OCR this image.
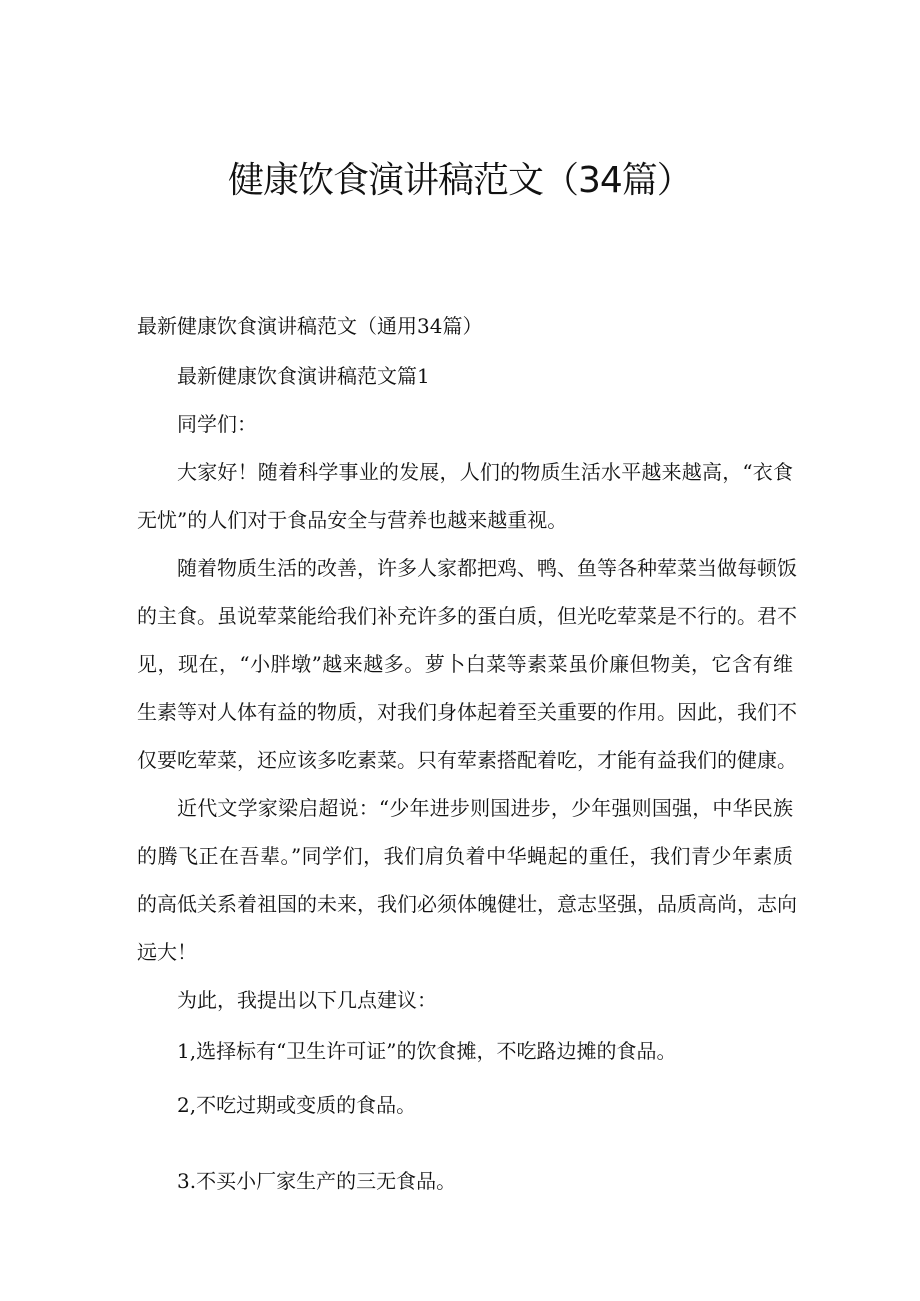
健康饮食演讲稿范文（34篇）
最新健康饮食演讲稿范文（通用34篇）
最新健康饮食演讲稿范文篇1
同学们：
大家好！随着科学事业的发展，人们的物质生活水平越来越高，“衣食
无忧”的人们对于食品安全与营养也越来越重视。
随着物质生活的改善，许多人家都把鸡、鸭、鱼等各种荤菜当做每顿饭
的主食。虽说荤菜能给我们补充许多的蛋白质，但光吃荤菜是不行的。君不
见，现在，“小胖墩”越来越多。萝卜白菜等素菜虽价廉但物美，它含有维
生素等对人体有益的物质，对我们身体起着至关重要的作用。因此，我们不
仅要吃荤菜，还应该多吃素菜。只有荤素搭配着吃，才能有益我们的健康。
近代文学家梁启超说：“少年进步则国进步，少年强则国强，中华民族
的腾飞正在吾辈。”同学们，我们肩负着中华蝇起的重任，我们青少年素质
的高低关系着祖国的未来，我们必须体魄健壮，意志坚强，品质高尚，志向
远大！
为此，我提出以下几点建议：
1,选择标有“卫生许可证”的饮食摊，不吃路边摊的食品。
2,不吃过期或变质的食品。
3.不买小厂家生产的三无食品。
